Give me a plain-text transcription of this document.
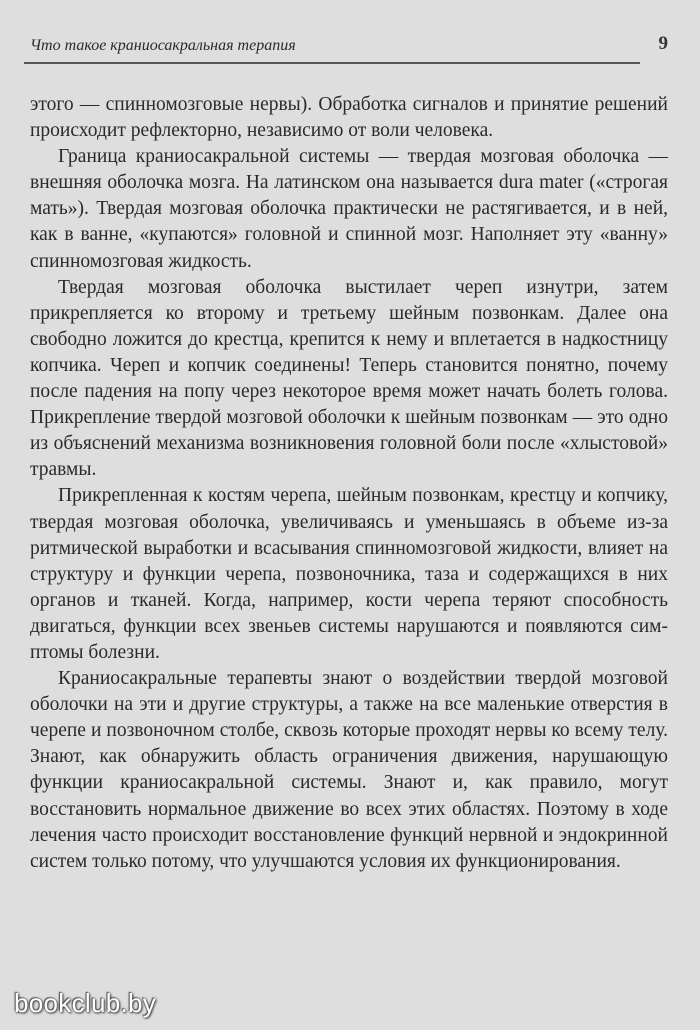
Что такое краниосакральная терапия	9

этого — спинномозговые нервы). Обработка сигналов и принятие решений происходит рефлекторно, независимо от воли человека.

Граница краниосакральной системы — твердая мозговая оболочка — внешняя оболочка мозга. На латинском она называется dura mater («строгая мать»). Твердая мозговая оболочка практически не растягивается, и в ней, как в ванне, «купаются» головной и спинной мозг. Наполняет эту «ванну» спинномозговая жидкость.

Твердая мозговая оболочка выстилает череп изнутри, затем прикрепляется ко второму и третьему шейным позвонкам. Далее она свободно ложится до крестца, крепится к нему и вплетается в надкостницу копчика. Череп и копчик соединены! Теперь становится понятно, почему после падения на попу через некоторое время может начать болеть голова. Прикрепление твердой мозговой оболочки к шейным позвонкам — это одно из объяснений механизма возникновения головной боли после «хлыстовой» травмы.

Прикрепленная к костям черепа, шейным позвонкам, крестцу и копчику, твердая мозговая оболочка, увеличиваясь и уменьшаясь в объеме из-за ритмической выработки и всасывания спинномозговой жидкости, влияет на структуру и функции черепа, позвоночника, таза и содержащихся в них органов и тканей. Когда, например, кости черепа теряют способность двигаться, функции всех звеньев системы нарушаются и появляются симптомы болезни.

Краниосакральные терапевты знают о воздействии твердой мозговой оболочки на эти и другие структуры, а также на все маленькие отверстия в черепе и позвоночном столбе, сквозь которые проходят нервы ко всему телу. Знают, как обнаружить область ограничения движения, нарушающую функции краниосакральной системы. Знают и, как правило, могут восстановить нормальное движение во всех этих областях. Поэтому в ходе лечения часто происходит восстановление функций нервной и эндокринной систем только потому, что улучшаются условия их функционирования.

bookclub.by
